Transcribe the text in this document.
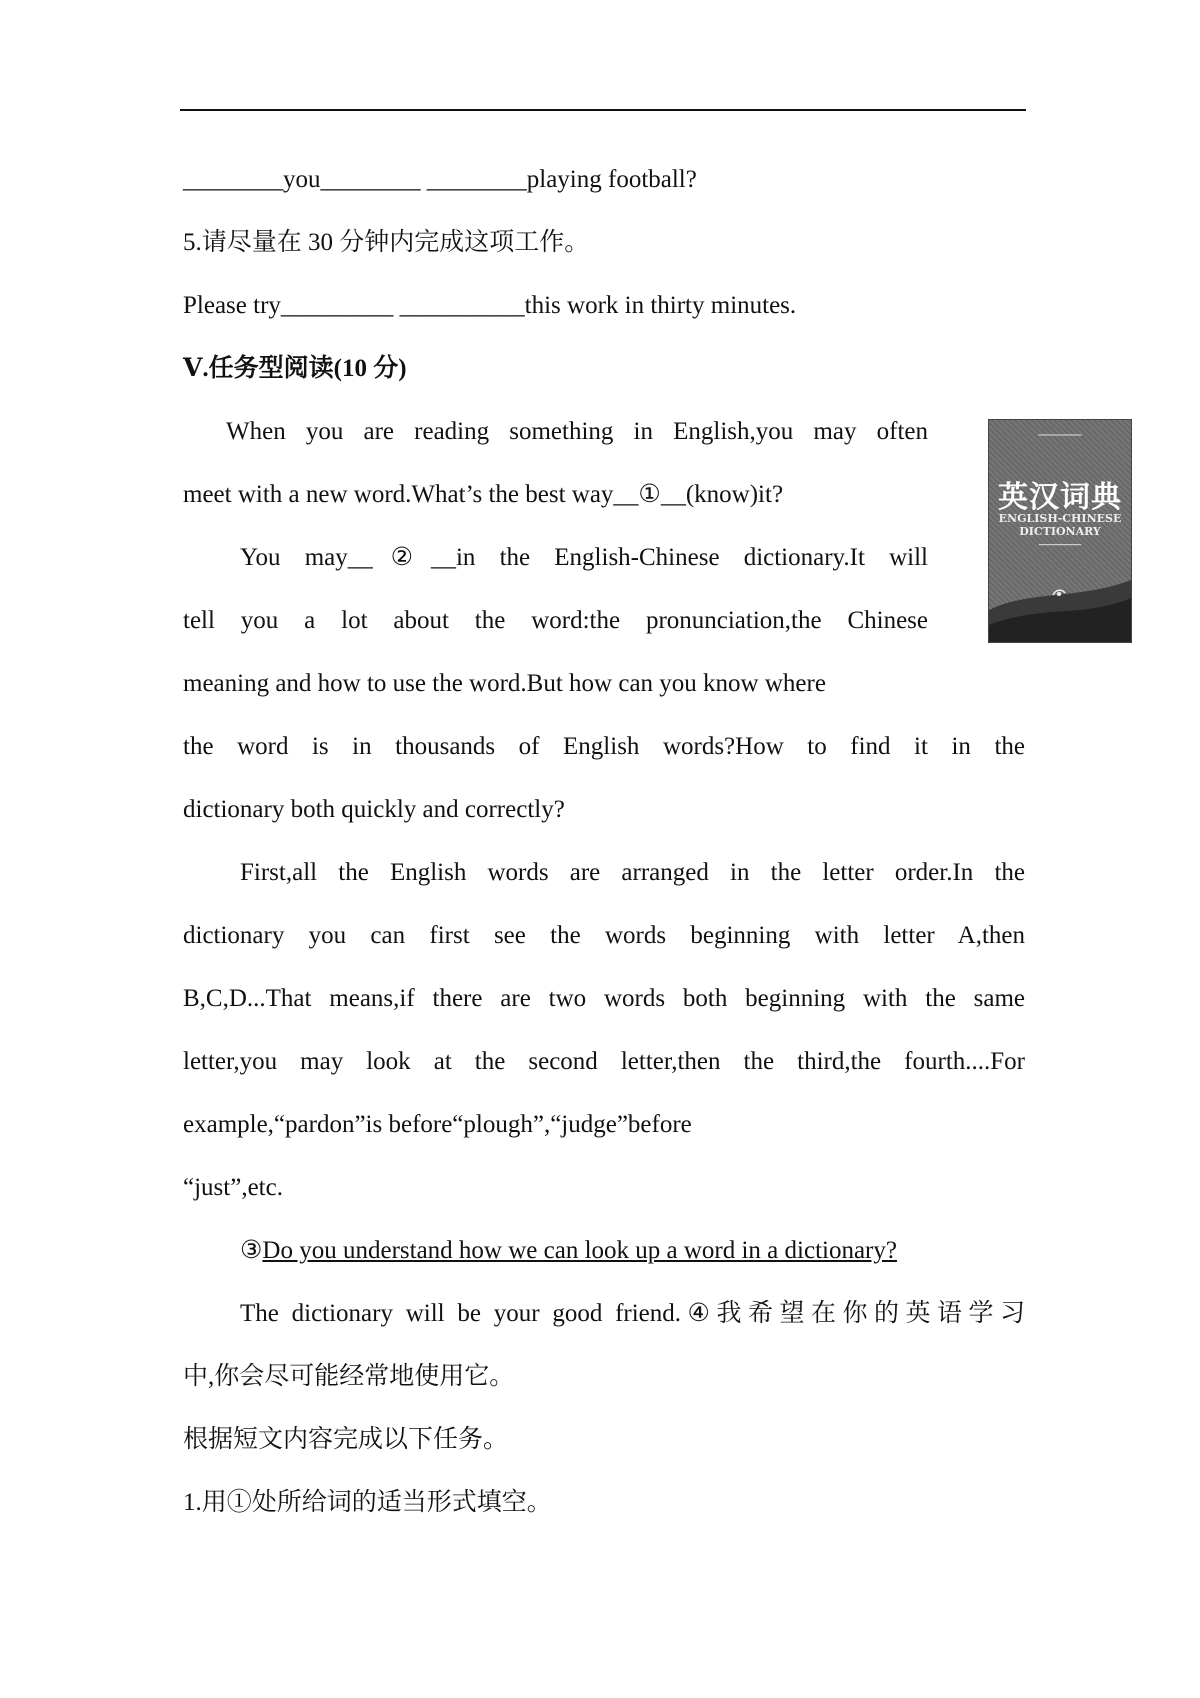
________you________ ________playing football?
5.请尽量在 30 分钟内完成这项工作。
Please try_________ __________this work in thirty minutes.
Ⅴ.任务型阅读(10 分)
When you are reading something in English,you may often
meet with a new word.What’s the best way__①__(know)it?
You may__②__in the English-Chinese dictionary.It will
tell you a lot about the word:the pronunciation,the Chinese
meaning and how to use the word.But how can you know where
━━━━━━━━━━━━
英汉词典
ENGLISH-CHINESE
DICTIONARY
━━━━━━━━━━
the word is in thousands of English words?How to find it in the
dictionary both quickly and correctly?
First,all the English words are arranged in the letter order.In the
dictionary you can first see the words beginning with letter A,then
B,C,D...That means,if there are two words both beginning with the same
letter,you may look at the second letter,then the third,the fourth....For
example,“pardon”is before“plough”,“judge”before
“just”,etc.
③Do you understand how we can look up a word in a dictionary?
The dictionary will be your good friend.④我希望在你的英语学习
中,你会尽可能经常地使用它。
根据短文内容完成以下任务。
1.用①处所给词的适当形式填空。
